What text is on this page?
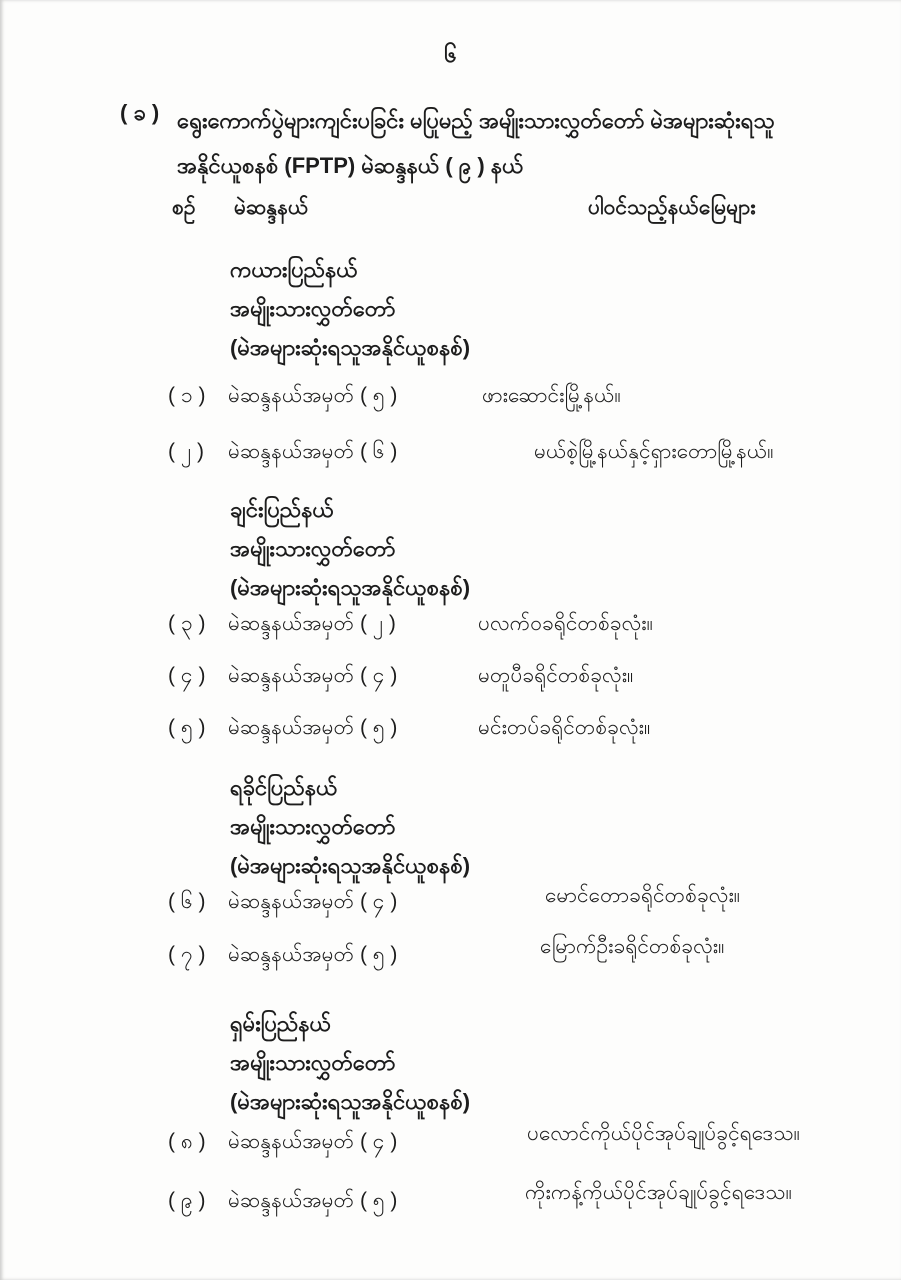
၆
( ခ ) ရွေးကောက်ပွဲများကျင်းပခြင်း မပြုမည့် အမျိုးသားလွှတ်တော် မဲအများဆုံးရသူ
အနိုင်ယူစနစ် (FPTP) မဲဆန္ဒနယ် ( ၉ ) နယ်
စဉ် မဲဆန္ဒနယ်	ပါဝင်သည့်နယ်မြေများ
ကယားပြည်နယ်
အမျိုးသားလွှတ်တော်
(မဲအများဆုံးရသူအနိုင်ယူစနစ်)
( ၁ ) မဲဆန္ဒနယ်အမှတ် ( ၅ )	ဖားဆောင်းမြို့နယ်။
( ၂ ) မဲဆန္ဒနယ်အမှတ် ( ၆ )	မယ်စဲ့မြို့နယ်နှင့်ရှားတောမြို့နယ်။
ချင်းပြည်နယ်
အမျိုးသားလွှတ်တော်
(မဲအများဆုံးရသူအနိုင်ယူစနစ်)
( ၃ ) မဲဆန္ဒနယ်အမှတ် ( ၂ )	ပလက်ဝခရိုင်တစ်ခုလုံး။
( ၄ ) မဲဆန္ဒနယ်အမှတ် ( ၄ )	မတူပီခရိုင်တစ်ခုလုံး။
( ၅ ) မဲဆန္ဒနယ်အမှတ် ( ၅ )	မင်းတပ်ခရိုင်တစ်ခုလုံး။
ရခိုင်ပြည်နယ်
အမျိုးသားလွှတ်တော်
(မဲအများဆုံးရသူအနိုင်ယူစနစ်)
( ၆ ) မဲဆန္ဒနယ်အမှတ် ( ၄ )	မောင်တောခရိုင်တစ်ခုလုံး။
( ၇ ) မဲဆန္ဒနယ်အမှတ် ( ၅ )	မြောက်ဦးခရိုင်တစ်ခုလုံး။
ရှမ်းပြည်နယ်
အမျိုးသားလွှတ်တော်
(မဲအများဆုံးရသူအနိုင်ယူစနစ်)
( ၈ ) မဲဆန္ဒနယ်အမှတ် ( ၄ )	ပလောင်ကိုယ်ပိုင်အုပ်ချုပ်ခွင့်ရဒေသ။
( ၉ ) မဲဆန္ဒနယ်အမှတ် ( ၅ )	ကိုးကန့်ကိုယ်ပိုင်အုပ်ချုပ်ခွင့်ရဒေသ။
